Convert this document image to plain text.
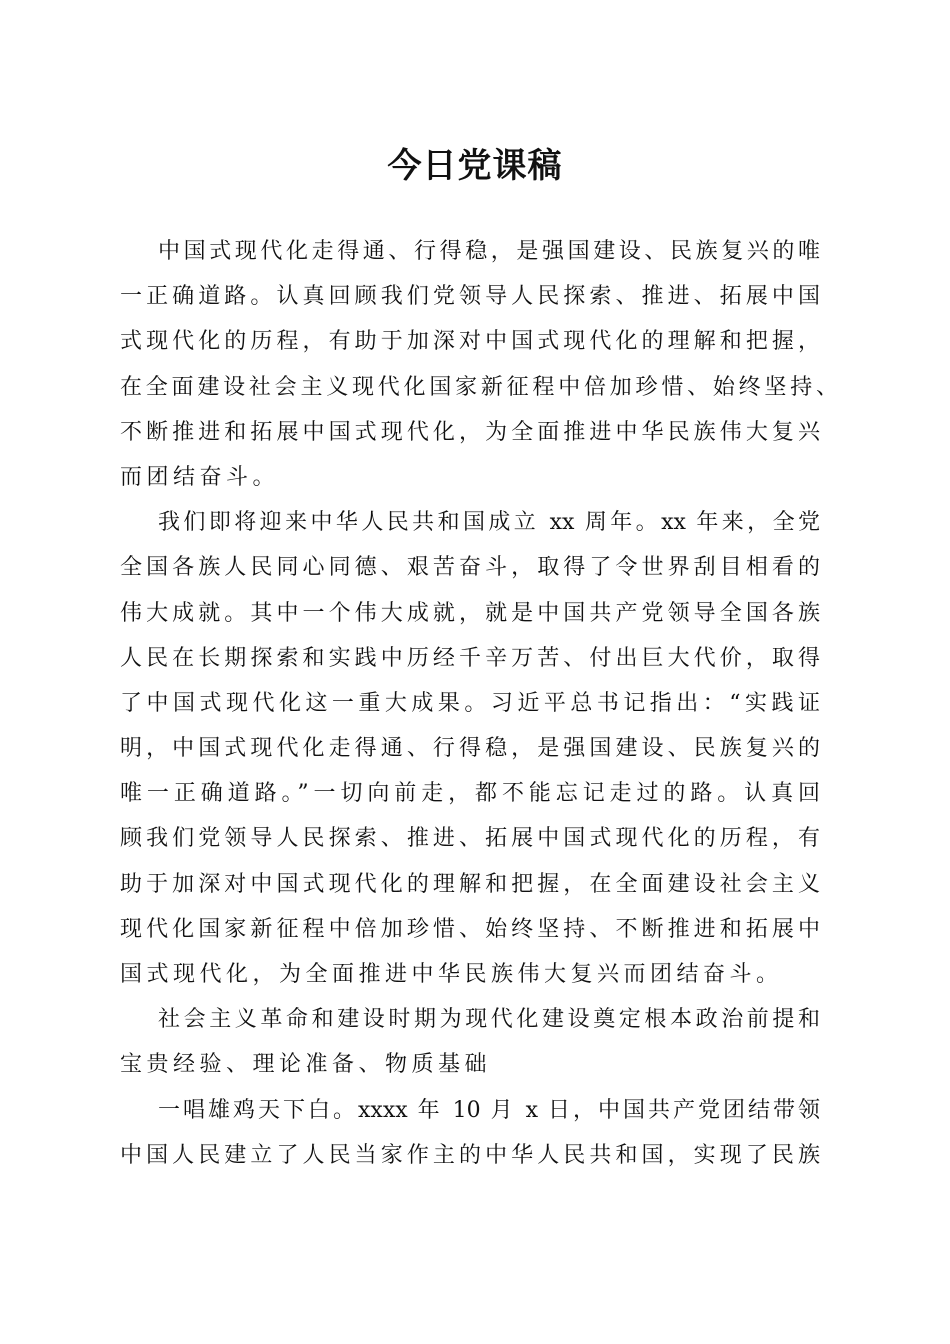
今日党课稿
中国式现代化走得通、行得稳，是强国建设、民族复兴的唯
一正确道路。认真回顾我们党领导人民探索、推进、拓展中国
式现代化的历程，有助于加深对中国式现代化的理解和把握，
在全面建设社会主义现代化国家新征程中倍加珍惜、始终坚持、
不断推进和拓展中国式现代化，为全面推进中华民族伟大复兴
而团结奋斗。
我们即将迎来中华人民共和国成立 xx 周年。xx 年来，全党
全国各族人民同心同德、艰苦奋斗，取得了令世界刮目相看的
伟大成就。其中一个伟大成就，就是中国共产党领导全国各族
人民在长期探索和实践中历经千辛万苦、付出巨大代价，取得
了中国式现代化这一重大成果。习近平总书记指出：“实践证
明，中国式现代化走得通、行得稳，是强国建设、民族复兴的
唯一正确道路。”一切向前走，都不能忘记走过的路。认真回
顾我们党领导人民探索、推进、拓展中国式现代化的历程，有
助于加深对中国式现代化的理解和把握，在全面建设社会主义
现代化国家新征程中倍加珍惜、始终坚持、不断推进和拓展中
国式现代化，为全面推进中华民族伟大复兴而团结奋斗。
社会主义革命和建设时期为现代化建设奠定根本政治前提和
宝贵经验、理论准备、物质基础
一唱雄鸡天下白。xxxx 年 10 月 x 日，中国共产党团结带领
中国人民建立了人民当家作主的中华人民共和国，实现了民族
